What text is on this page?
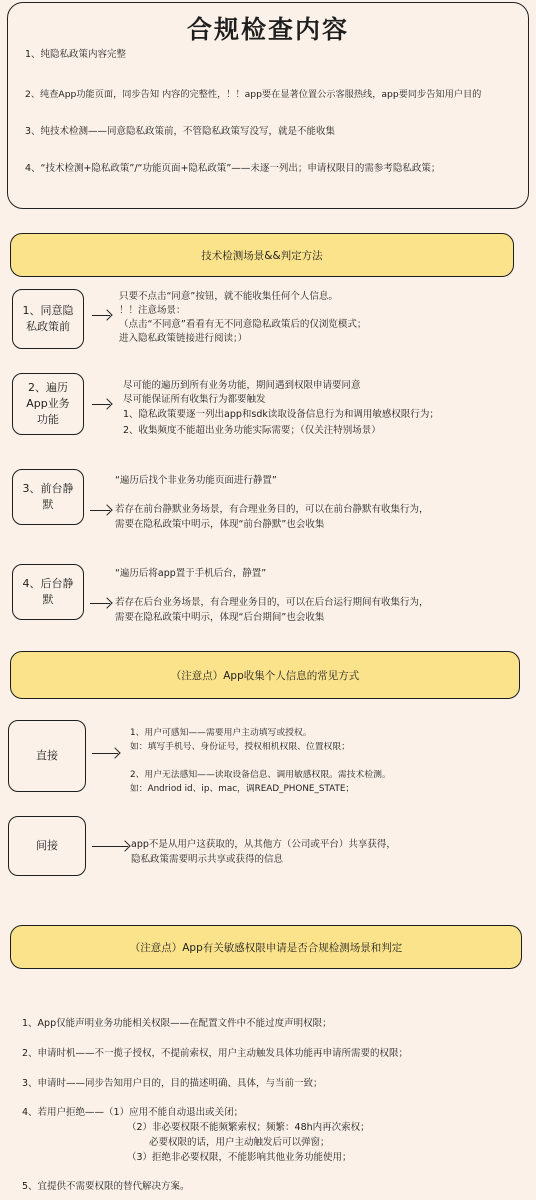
合规检查内容
1、纯隐私政策内容完整
2、纯查App功能页面，同步告知 内容的完整性，！！app要在显著位置公示客服热线，app要同步告知用户目的
3、纯技术检测——同意隐私政策前，不管隐私政策写没写，就是不能收集
4、“技术检测+隐私政策”/“功能页面+隐私政策”——未逐一列出；申请权限目的需参考隐私政策；
技术检测场景&&判定方法
1、同意隐
私政策前
只要不点击“同意”按钮，就不能收集任何个人信息。
！！注意场景：
（点击“不同意”看看有无不同意隐私政策后的仅浏览模式；
进入隐私政策链接进行阅读；）
2、遍历
App业务
功能
尽可能的遍历到所有业务功能，期间遇到权限申请要同意
尽可能保证所有收集行为都要触发
1、隐私政策要逐一列出app和sdk读取设备信息行为和调用敏感权限行为；
2、收集频度不能超出业务功能实际需要；（仅关注特别场景）
3、前台静
默
“遍历后找个非业务功能页面进行静置”
若存在前台静默业务场景，有合理业务目的，可以在前台静默有收集行为，
需要在隐私政策中明示，体现“前台静默”也会收集
4、后台静
默
“遍历后将app置于手机后台，静置”
若存在后台业务场景，有合理业务目的，可以在后台运行期间有收集行为，
需要在隐私政策中明示，体现“后台期间”也会收集
（注意点）App收集个人信息的常见方式
直接
1、用户可感知——需要用户主动填写或授权。
如：填写手机号、身份证号，授权相机权限、位置权限；
2、用户无法感知——读取设备信息、调用敏感权限。需技术检测。
如：Andriod id、ip、mac，调READ_PHONE_STATE；
间接	app不是从用户这获取的，从其他方（公司或平台）共享获得，
隐私政策需要明示共享或获得的信息
（注意点）App有关敏感权限申请是否合规检测场景和判定
1、App仅能声明业务功能相关权限——在配置文件中不能过度声明权限；
2、申请时机——不一揽子授权，不提前索权，用户主动触发具体功能再申请所需要的权限；
3、申请时——同步告知用户目的，目的描述明确、具体，与当前一致；
4、若用户拒绝——（1）应用不能自动退出或关闭；
（2）非必要权限不能频繁索权；频繁：48h内再次索权；
必要权限的话，用户主动触发后可以弹窗；
（3）拒绝非必要权限，不能影响其他业务功能使用；
5、宜提供不需要权限的替代解决方案。
